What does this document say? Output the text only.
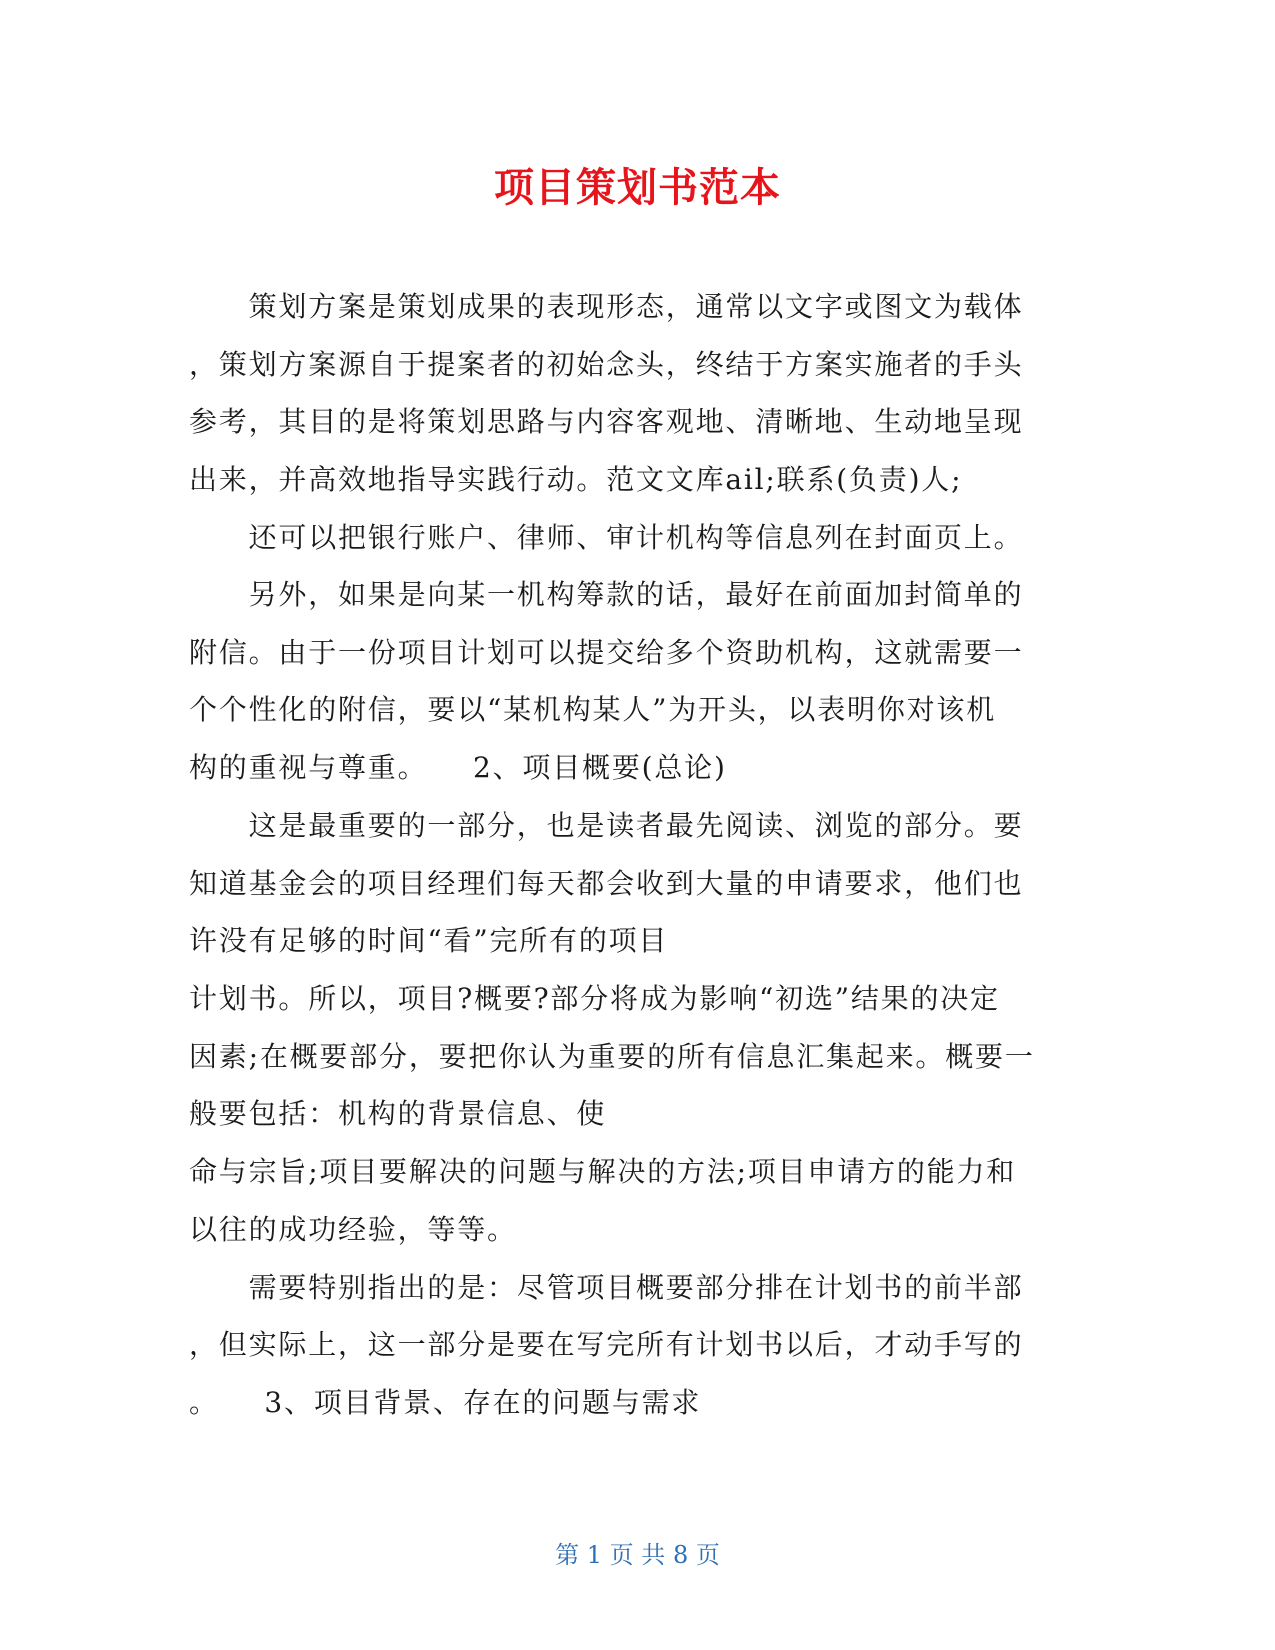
项目策划书范本
　　策划方案是策划成果的表现形态，通常以文字或图文为载体
，策划方案源自于提案者的初始念头，终结于方案实施者的手头
参考，其目的是将策划思路与内容客观地、清晰地、生动地呈现
出来，并高效地指导实践行动。范文文库ail;联系(负责)人;
　　还可以把银行账户、律师、审计机构等信息列在封面页上。
　　另外，如果是向某一机构筹款的话，最好在前面加封简单的
附信。由于一份项目计划可以提交给多个资助机构，这就需要一
个个性化的附信，要以“某机构某人”为开头，以表明你对该机
构的重视与尊重。　　2、项目概要(总论)
　　这是最重要的一部分，也是读者最先阅读、浏览的部分。要
知道基金会的项目经理们每天都会收到大量的申请要求，他们也
许没有足够的时间“看”完所有的项目
计划书。所以，项目?概要?部分将成为影响“初选”结果的决定
因素;在概要部分，要把你认为重要的所有信息汇集起来。概要一
般要包括：机构的背景信息、使
命与宗旨;项目要解决的问题与解决的方法;项目申请方的能力和
以往的成功经验，等等。
　　需要特别指出的是：尽管项目概要部分排在计划书的前半部
，但实际上，这一部分是要在写完所有计划书以后，才动手写的
。　　3、项目背景、存在的问题与需求
第 1 页 共 8 页
